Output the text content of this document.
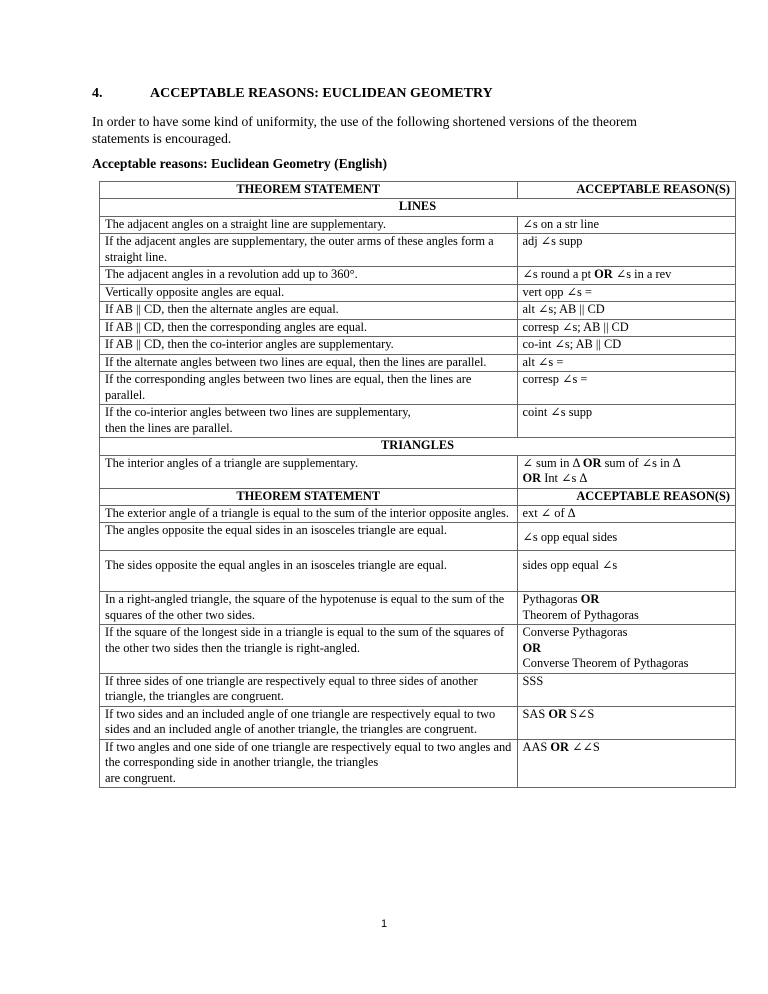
4.	ACCEPTABLE REASONS: EUCLIDEAN GEOMETRY
In order to have some kind of uniformity, the use of the following shortened versions of the theorem statements is encouraged.
Acceptable reasons: Euclidean Geometry (English)
THEOREM STATEMENT	ACCEPTABLE REASON(S)
LINES	
The adjacent angles on a straight line are supplementary.	∠s on a str line
If the adjacent angles are supplementary, the outer arms of these angles form a straight line.	adj ∠s supp
The adjacent angles in a revolution add up to 360°.	∠s round a pt OR ∠s in a rev
Vertically opposite angles are equal.	vert opp ∠s =
If AB || CD, then the alternate angles are equal.	alt ∠s; AB || CD
If AB || CD, then the corresponding angles are equal.	corresp ∠s; AB || CD
If AB || CD, then the co-interior angles are supplementary.	co-int ∠s; AB || CD
If the alternate angles between two lines are equal, then the lines are parallel.	alt ∠s =
If the corresponding angles between two lines are equal, then the lines are parallel.	corresp ∠s =
If the co-interior angles between two lines are supplementary,
then the lines are parallel.	coint ∠s supp
TRIANGLES	
The interior angles of a triangle are supplementary.	∠ sum in Δ OR sum of ∠s in Δ
OR Int ∠s Δ
THEOREM STATEMENT	ACCEPTABLE REASON(S)
The exterior angle of a triangle is equal to the sum of the interior opposite angles.	ext ∠ of Δ
The angles opposite the equal sides in an isosceles triangle are equal.	∠s opp equal sides
The sides opposite the equal angles in an isosceles triangle are equal.	sides opp equal ∠s
In a right-angled triangle, the square of the hypotenuse is equal to the sum of the squares of the other two sides.	Pythagoras OR
Theorem of Pythagoras
If the square of the longest side in a triangle is equal to the sum of the squares of the other two sides then the triangle is right-angled.	Converse Pythagoras
OR
Converse Theorem of Pythagoras
If three sides of one triangle are respectively equal to three sides of another triangle, the triangles are congruent.	SSS
If two sides and an included angle of one triangle are respectively equal to two sides and an included angle of another triangle, the triangles are congruent.	SAS OR S∠S
If two angles and one side of one triangle are respectively equal to two angles and the corresponding side in another triangle, the triangles
are congruent.	AAS OR ∠∠S
1
